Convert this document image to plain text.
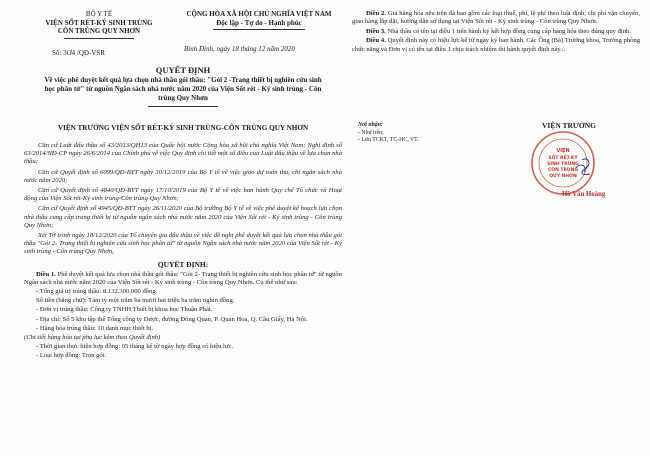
BỘ Y TẾ
VIỆN SỐT RÉT-KÝ SINH TRÙNG
CÔN TRÙNG QUY NHƠN
CỘNG HÒA XÃ HỘI CHỦ NGHĨA VIỆT NAM
Độc lập - Tự do - Hạnh phúc
Số: 3Ơ4 /QĐ-VSR	Bình Định, ngày 18 tháng 12 năm 2020
QUYẾT ĐỊNH
Về việc phê duyệt kết quả lựa chọn nhà thầu gói thầu: "Gói 2 -Trang thiết bị nghiên cứu sinh học phân tử" từ nguồn Ngân sách nhà nước năm 2020 của Viện Sốt rét - Ký sinh trùng - Côn trùng Quy Nhơn
VIỆN TRƯỞNG VIỆN SỐT RÉT-KÝ SINH TRÙNG-CÔN TRÙNG QUY NHƠN

Căn cứ Luật đấu thầu số 43/2013/QH13 của Quốc hội nước Cộng hòa xã hội chủ nghĩa Việt Nam; Nghị định số 63/2014/NĐ-CP ngày 26/6/2014 của Chính phủ về việc Quy định chi tiết một số điều của Luật đấu thầu về lựa chọn nhà thầu;

Căn cứ Quyết định số 6099/QĐ-BYT ngày 30/12/2019 của Bộ Y tế về việc giao dự toán thu, chi ngân sách nhà nước năm 2020;

Căn cứ Quyết định số 4840/QĐ-BYT ngày 17/10/2019 của Bộ Y tế về việc ban hành Quy chế Tổ chức và Hoạt động của Viện Sốt rét-Ký sinh trùng-Côn trùng Quy Nhơn;

Căn cứ Quyết định số 4945/QĐ-BYT ngày 26/11/2020 của Bộ trưởng Bộ Y tế về việc phê duyệt kế hoạch lựa chọn nhà thầu cung cấp trang thiết bị từ nguồn ngân sách nhà nước năm 2020 của Viện Sốt rét - Ký sinh trùng - Côn trùng Quy Nhơn;

Xét Tờ trình ngày 18/12/2020 của Tổ chuyên gia đấu thầu về việc đề nghị phê duyệt kết quả lựa chọn nhà thầu gói thầu "Gói 2- Trang thiết bị nghiên cứu sinh học phân tử" từ nguồn Ngân sách nhà nước năm 2020 của Viện Sốt rét - Ký sinh trùng - Côn trùng Quy Nhơn,

QUYẾT ĐỊNH:

Điều 1. Phê duyệt kết quả lựa chọn nhà thầu gói thầu: "Gói 2- Trang thiết bị nghiên cứu sinh học phân tử" từ nguồn Ngân sách nhà nước năm 2020 của Viện Sốt rét - Ký sinh trùng - Côn trùng Quy Nhơn. Cụ thể như sau:

- Tổng giá trị trúng thầu: 8.132.300.000 đồng.

Số tiền (bằng chữ): Tám tỷ một trăm ba mươi hai triệu ba trăm nghìn đồng.

- Đơn vị trúng thầu: Công ty TNHH Thiết bị khoa học Thuận Phát.

- Địa chỉ: Số 5 khu tập thể Tổng công ty Dược, đường Đông Quan, P. Quan Hoa, Q. Cầu Giấy, Hà Nội.

- Hàng hóa trúng thầu: 10 danh mục thiết bị.

(Chi tiết hàng hóa tại phụ lục kèm theo Quyết định)

- Thời gian thực hiện hợp đồng: 05 tháng kể từ ngày hợp đồng có hiệu lực.

- Loại hợp đồng: Trọn gói.

Điều 2. Giá hàng hóa nêu trên đã bao gồm các loại thuế, phí, lệ phí theo luật định, chi phí vận chuyển, giao hàng lắp đặt, hướng dẫn sử dụng tại Viện Sốt rét - Ký sinh trùng - Côn trùng Quy Nhơn.

Điều 3. Nhà thầu có tên tại điều 1 tiến hành ký kết hợp đồng cung cấp hàng hóa theo đúng quy định.

Điều 4. Quyết định này có hiệu lực kể từ ngày ký ban hành. Các Ông (Bà) Trưởng khoa, Trưởng phòng chức năng và Đơn vị có tên tại điều 1 chịu trách nhiệm thi hành quyết định này./.

Nơi nhận:
- Như trên;
- Lưu TCKT, TC-HC, VT.
VIỆN TRƯỞNG
VIỆN
SỐT RÉT-KÝ
SINH TRÙNG
CÔN TRÙNG
QUY NHƠN
Hồ Văn Hoàng
